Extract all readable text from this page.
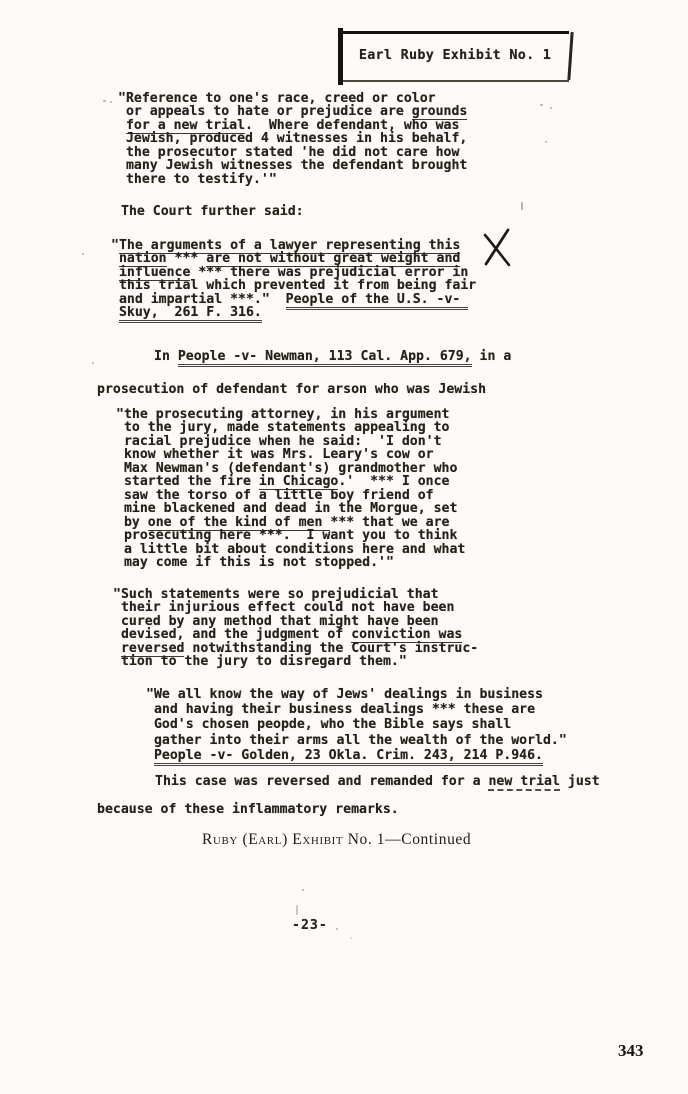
Earl Ruby Exhibit No. 1
"Reference to one's race, creed or color
or appeals to hate or prejudice are grounds
for a new trial.  Where defendant, who was
Jewish, produced 4 witnesses in his behalf,
the prosecutor stated 'he did not care how
many Jewish witnesses the defendant brought
there to testify.'"
The Court further said:
"The arguments of a lawyer representing this
nation *** are not without great weight and
influence *** there was prejudicial error in
this trial which prevented it from being fair
and impartial ***."  People of the U.S. -v-
Skuy,  261 F. 316.
In People -v- Newman, 113 Cal. App. 679, in a
prosecution of defendant for arson who was Jewish
"the prosecuting attorney, in his argument
to the jury, made statements appealing to
racial prejudice when he said:  'I don't
know whether it was Mrs. Leary's cow or
Max Newman's (defendant's) grandmother who
started the fire in Chicago.'  *** I once
saw the torso of a little boy friend of
mine blackened and dead in the Morgue, set
by one of the kind of men *** that we are
prosecuting here ***.  I want you to think
a little bit about conditions here and what
may come if this is not stopped.'"
"Such statements were so prejudicial that
their injurious effect could not have been
cured by any method that might have been
devised, and the judgment of conviction was
reversed notwithstanding the Court's instruc-
tion to the jury to disregard them."
"We all know the way of Jews' dealings in business
and having their business dealings *** these are
God's chosen peopde, who the Bible says shall
gather into their arms all the wealth of the world."
People -v- Golden, 23 Okla. Crim. 243, 214 P.946.
This case was reversed and remanded for a new trial just
because of these inflammatory remarks.
Ruby (Earl) Exhibit No. 1—Continued
-23-
343
